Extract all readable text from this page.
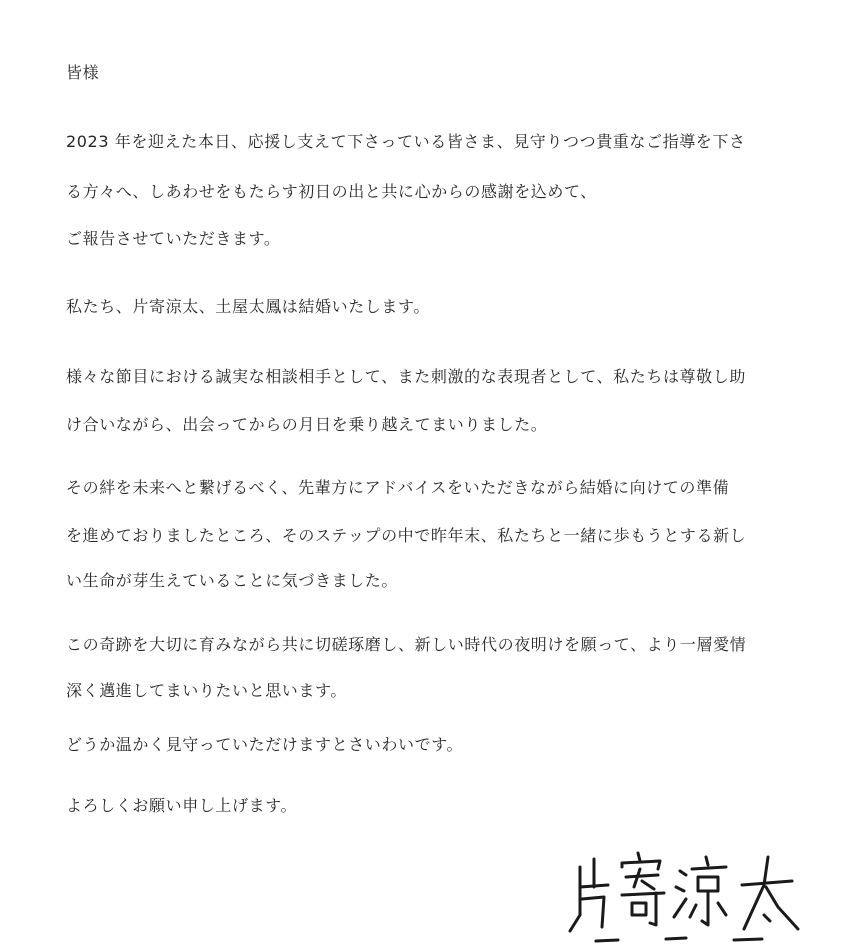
皆様
2023 年を迎えた本日、応援し支えて下さっている皆さま、見守りつつ貴重なご指導を下さ
る方々へ、しあわせをもたらす初日の出と共に心からの感謝を込めて、
ご報告させていただきます。
私たち、片寄涼太、土屋太鳳は結婚いたします。
様々な節目における誠実な相談相手として、また刺激的な表現者として、私たちは尊敬し助
け合いながら、出会ってからの月日を乗り越えてまいりました。
その絆を未来へと繋げるべく、先輩方にアドバイスをいただきながら結婚に向けての準備
を進めておりましたところ、そのステップの中で昨年末、私たちと一緒に歩もうとする新し
い生命が芽生えていることに気づきました。
この奇跡を大切に育みながら共に切磋琢磨し、新しい時代の夜明けを願って、より一層愛情
深く邁進してまいりたいと思います。
どうか温かく見守っていただけますとさいわいです。
よろしくお願い申し上げます。
